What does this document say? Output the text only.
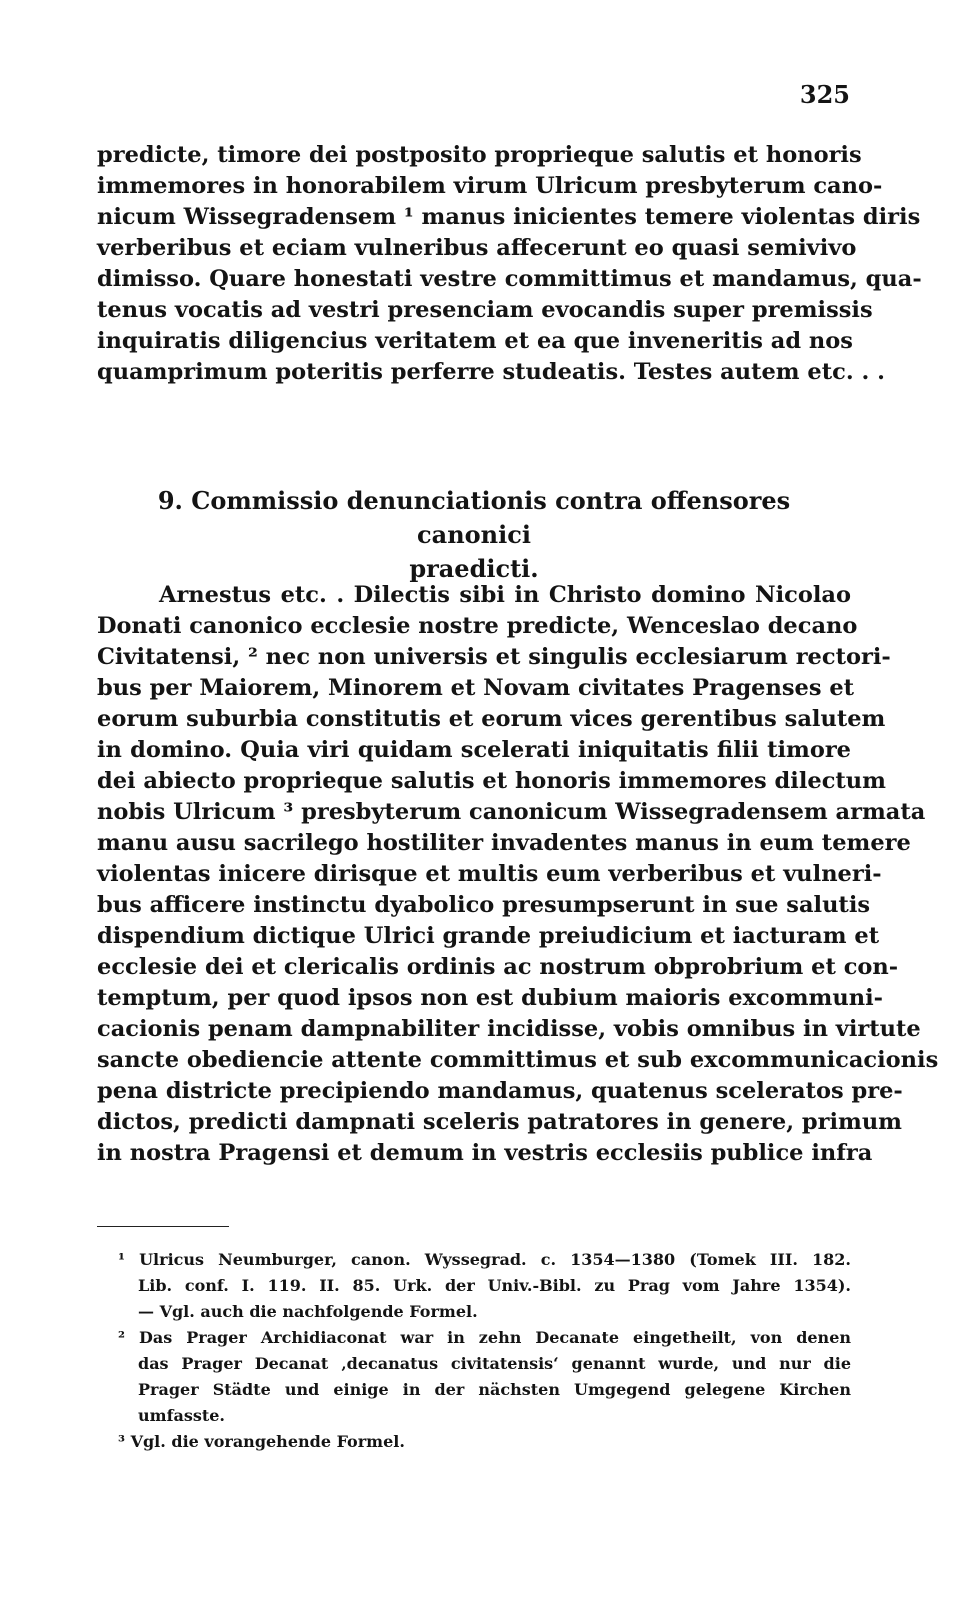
325
predicte, timore dei postposito proprieque salutis et honoris
immemores in honorabilem virum Ulricum presbyterum cano-
nicum Wissegradensem ¹ manus inicientes temere violentas diris
verberibus et eciam vulneribus affecerunt eo quasi semivivo
dimisso. Quare honestati vestre committimus et mandamus, qua-
tenus vocatis ad vestri presenciam evocandis super premissis
inquiratis diligencius veritatem et ea que inveneritis ad nos
quamprimum poteritis perferre studeatis. Testes autem etc. . .
9. Commissio denunciationis contra offensores canonici
praedicti.
Arnestus etc. . Dilectis sibi in Christo domino Nicolao
Donati canonico ecclesie nostre predicte, Wenceslao decano
Civitatensi, ² nec non universis et singulis ecclesiarum rectori-
bus per Maiorem, Minorem et Novam civitates Pragenses et
eorum suburbia constitutis et eorum vices gerentibus salutem
in domino. Quia viri quidam scelerati iniquitatis filii timore
dei abiecto proprieque salutis et honoris immemores dilectum
nobis Ulricum ³ presbyterum canonicum Wissegradensem armata
manu ausu sacrilego hostiliter invadentes manus in eum temere
violentas inicere dirisque et multis eum verberibus et vulneri-
bus afficere instinctu dyabolico presumpserunt in sue salutis
dispendium dictique Ulrici grande preiudicium et iacturam et
ecclesie dei et clericalis ordinis ac nostrum obprobrium et con-
temptum, per quod ipsos non est dubium maioris excommuni-
cacionis penam dampnabiliter incidisse, vobis omnibus in virtute
sancte obediencie attente committimus et sub excommunicacionis
pena districte precipiendo mandamus, quatenus sceleratos pre-
dictos, predicti dampnati sceleris patratores in genere, primum
in nostra Pragensi et demum in vestris ecclesiis publice infra
¹ Ulricus Neumburger, canon. Wyssegrad. c. 1354—1380 (Tomek III. 182.
Lib. conf. I. 119. II. 85. Urk. der Univ.-Bibl. zu Prag vom Jahre 1354).
— Vgl. auch die nachfolgende Formel.
² Das Prager Archidiaconat war in zehn Decanate eingetheilt, von denen
das Prager Decanat ‚decanatus civitatensis‘ genannt wurde, und nur die
Prager Städte und einige in der nächsten Umgegend gelegene Kirchen
umfasste.
³ Vgl. die vorangehende Formel.
